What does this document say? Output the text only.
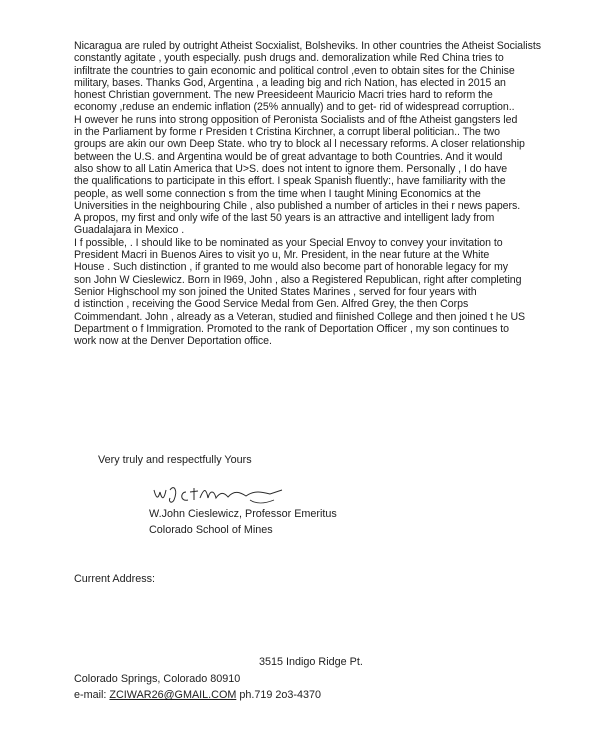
Nicaragua are ruled by outright Atheist Socxialist, Bolsheviks. In other countries the Atheist Socialists
constantly agitate , youth especially. push drugs and. demoralization while Red China tries to
infiltrate the countries to gain economic and political control ,even to obtain sites for the Chinise
military, bases. Thanks God, Argentina , a leading big and rich Nation, has elected in 2015 an
honest Christian government. The new Preesideent Mauricio Macri tries hard to reform the
economy ,reduse an endemic inflation (25% annually) and to get- rid of widespread corruption..
H owever he runs into strong opposition of Peronista Socialists and of fthe Atheist gangsters led
in the Parliament by forme r Presiden t Cristina Kirchner, a corrupt liberal politician.. The two
groups are akin our own Deep State. who try to block al l necessary reforms. A closer relationship
between the U.S. and Argentina would be of great advantage to both Countries. And it would
also show to all Latin America that U>S. does not intent to ignore them. Personally , I do have
the qualifications to participate in this effort. I speak Spanish fluently:, have familiarity with the
people, as well some connection s from the time when I taught Mining Economics at the
Universities in the neighbouring Chile , also published a number of articles in thei r news papers.
A propos, my first and only wife of the last 50 years is an attractive and intelligent lady from
Guadalajara in Mexico .
I f possible, . I should like to be nominated as your Special Envoy to convey your invitation to
President Macri in Buenos Aires to visit yo u, Mr. President, in the near future at the White
House . Such distinction , if granted to me would also become part of honorable legacy for my
son John W Cieslewicz. Born in l969, John , also a Registered Republican, right after completing
Senior Highschool my son joined the United States Marines , served for four years with
d istinction , receiving the Good Service Medal from Gen. Alfred Grey, the then Corps
Coimmendant. John , already as a Veteran, studied and fiinished College and then joined t he US
Department o f Immigration. Promoted to the rank of Deportation Officer , my son continues to
work now at the Denver Deportation office.
Very truly and respectfully Yours
W.John Cieslewicz, Professor Emeritus
Colorado School of Mines
Current Address:
3515 Indigo Ridge Pt.
Colorado Springs, Colorado 80910
e-mail: ZCIWAR26@GMAIL.COM ph.719 2o3-4370
